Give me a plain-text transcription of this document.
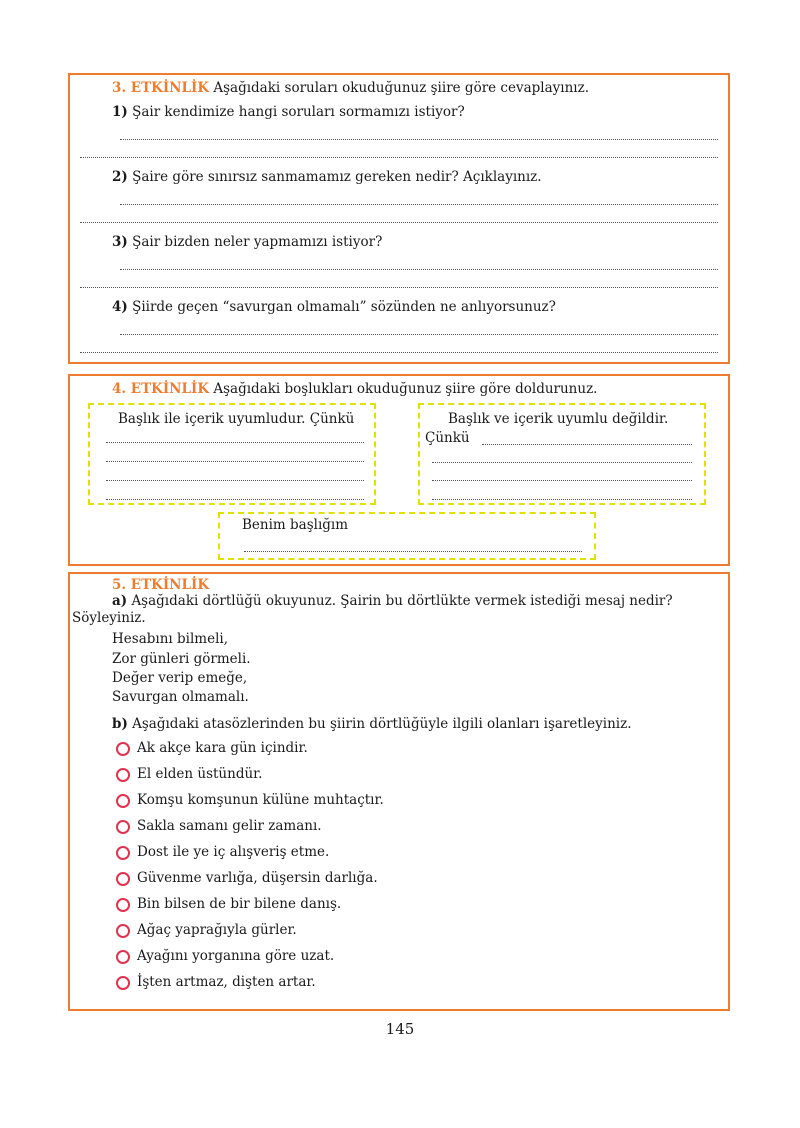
3. ETKİNLİK Aşağıdaki soruları okuduğunuz şiire göre cevaplayınız.
1) Şair kendimize hangi soruları sormamızı istiyor?
2) Şaire göre sınırsız sanmamamız gereken nedir? Açıklayınız.
3) Şair bizden neler yapmamızı istiyor?
4) Şiirde geçen “savurgan olmamalı” sözünden ne anlıyorsunuz?
4. ETKİNLİK Aşağıdaki boşlukları okuduğunuz şiire göre doldurunuz.
Başlık ile içerik uyumludur. Çünkü	Başlık ve içerik uyumlu değildir.
Çünkü
Benim başlığım
5. ETKİNLİK
a) Aşağıdaki dörtlüğü okuyunuz. Şairin bu dörtlükte vermek istediği mesaj nedir?
Söyleyiniz.
Hesabını bilmeli,
Zor günleri görmeli.
Değer verip emeğe,
Savurgan olmamalı.
b) Aşağıdaki atasözlerinden bu şiirin dörtlüğüyle ilgili olanları işaretleyiniz.
Ak akçe kara gün içindir.
El elden üstündür.
Komşu komşunun külüne muhtaçtır.
Sakla samanı gelir zamanı.
Dost ile ye iç alışveriş etme.
Güvenme varlığa, düşersin darlığa.
Bin bilsen de bir bilene danış.
Ağaç yaprağıyla gürler.
Ayağını yorganına göre uzat.
İşten artmaz, dişten artar.
145
